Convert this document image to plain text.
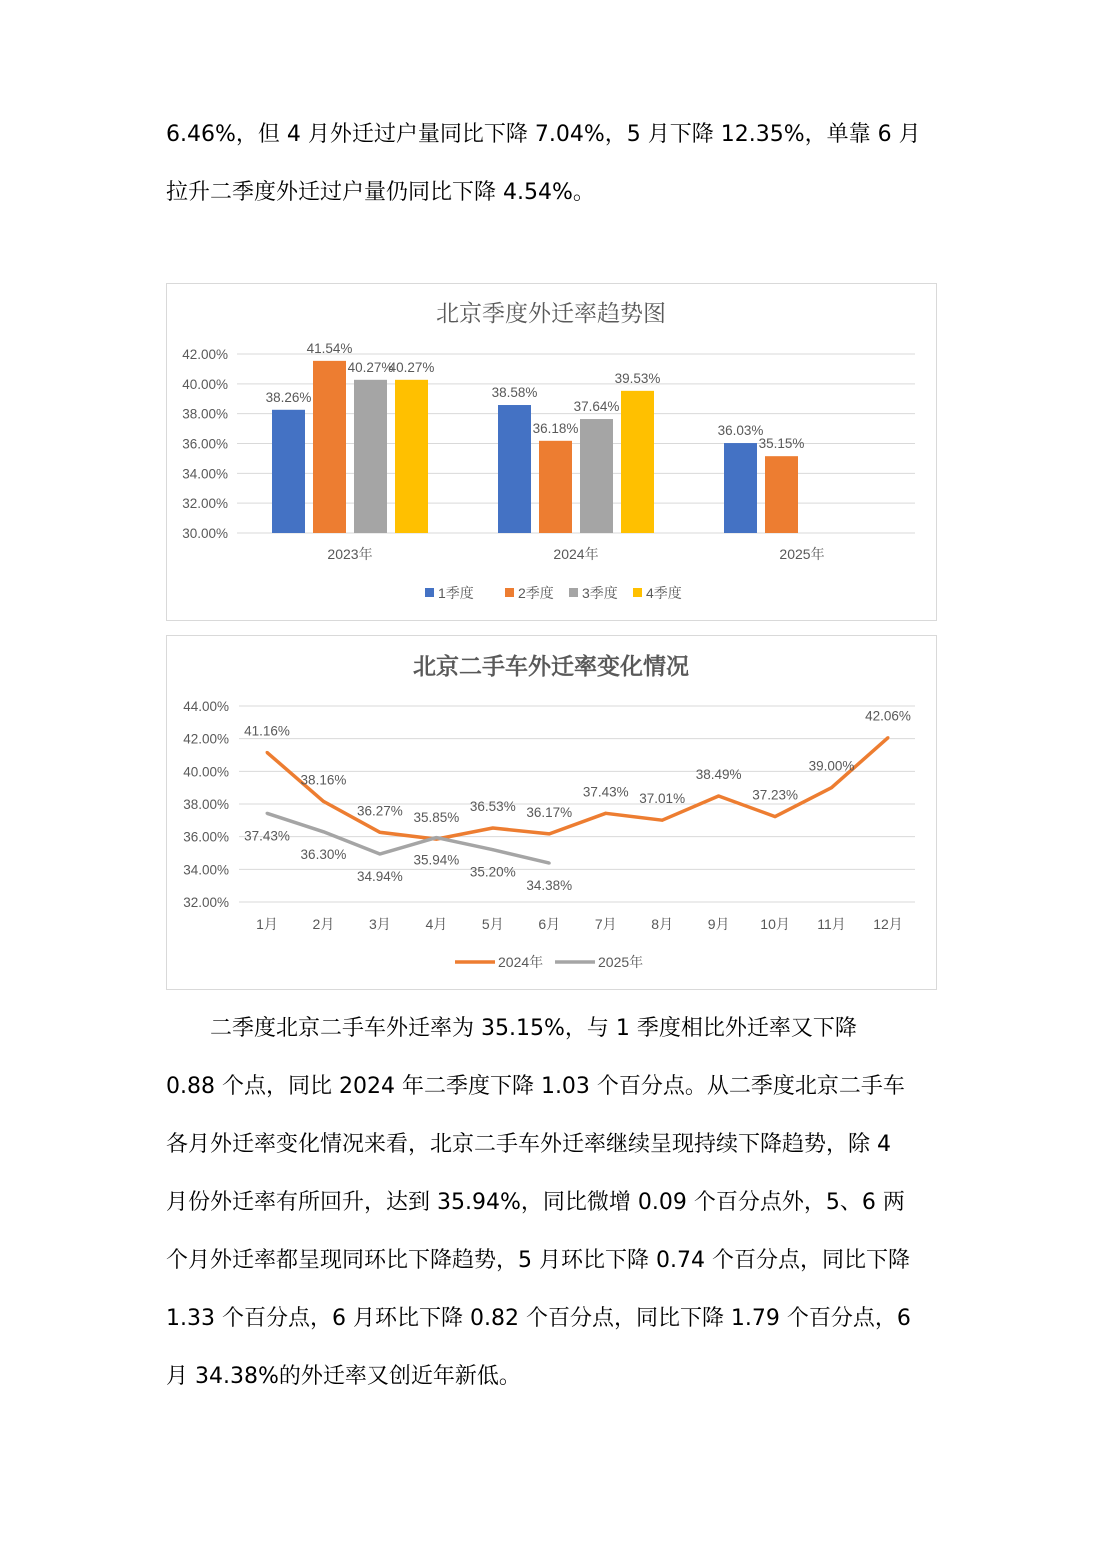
6.46%，但 4 月外迁过户量同比下降 7.04%，5 月下降 12.35%，单靠 6 月

拉升二季度外迁过户量仍同比下降 4.54%。

北京季度外迁率趋势图
30.00%
32.00%
34.00%
36.00%
38.00%
40.00%
42.00%
2023年
38.26%
41.54%
40.27%
40.27%
2024年
38.58%
36.18%
37.64%
39.53%
2025年
36.03%
35.15%
1季度	2季度 3季度 4季度
北京二手车外迁率变化情况
32.00%
34.00%
36.00%
38.00%
40.00%
42.00%
44.00%
1月 2月 3月 4月 5月 6月 7月 8月 9月 10月 11月 12月
41.16%
38.16%
36.27% 35.85%
36.53% 36.17%
37.43% 37.01%
38.49%
37.23%
39.00%
42.06%
37.43%
36.30%
34.94%
35.94%
35.20%
34.38%
2024年	2025年

　　二季度北京二手车外迁率为 35.15%，与 1 季度相比外迁率又下降

0.88 个点，同比 2024 年二季度下降 1.03 个百分点。从二季度北京二手车

各月外迁率变化情况来看，北京二手车外迁率继续呈现持续下降趋势，除 4

月份外迁率有所回升，达到 35.94%，同比微增 0.09 个百分点外，5、6 两

个月外迁率都呈现同环比下降趋势，5 月环比下降 0.74 个百分点，同比下降

1.33 个百分点，6 月环比下降 0.82 个百分点，同比下降 1.79 个百分点，6

月 34.38%的外迁率又创近年新低。
